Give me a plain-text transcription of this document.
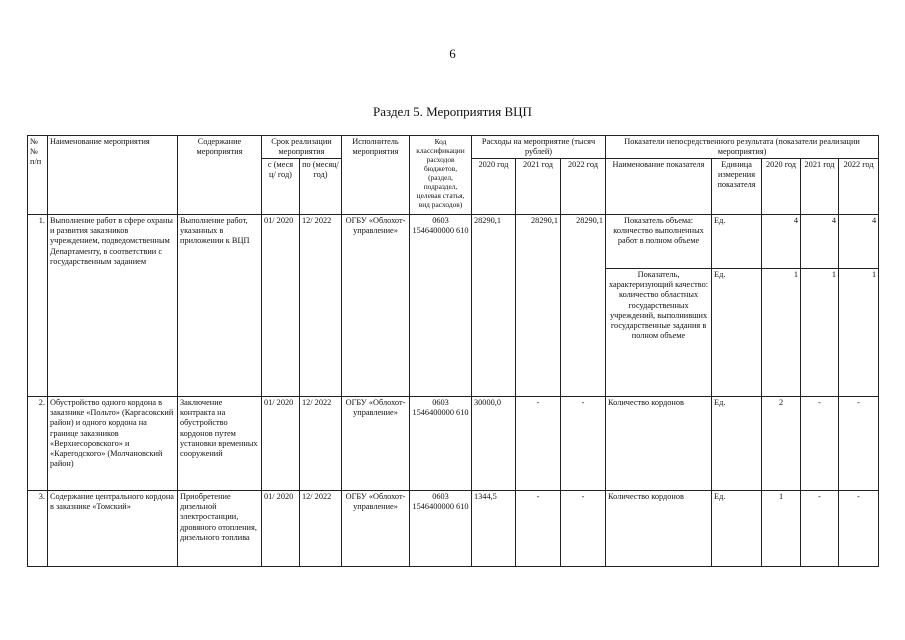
6
Раздел 5. Мероприятия ВЦП
№№ п/п	Наименование мероприятия	Содержание мероприятия	Срок реализации мероприятия		Исполнитель мероприятия	Код классификации расходов бюджетов, (раздел, подраздел, целевая статья, вид расходов)	Расходы на мероприятие (тысяч рублей)			Показатели непосредственного результата (показатели реализации мероприятия)				
			с (меся ц/ год)	по (месяц/ год)			2020 год	2021 год	2022 год	Наименование показателя	Единица измерения показателя	2020 год	2021 год	2022 год

1.	Выполнение работ в сфере охраны и развития заказников учреждением, подведомственным Департаменту, в соответствии с государственным заданием	Выполнение работ, указанных в приложении к ВЦП	01/ 2020	12/ 2022	ОГБУ «Облохот-управление»	0603 1546400000 610	28290,1	28290,1	28290,1	Показатель объема: количество выполненных работ в полном объеме	Ед.	4	4	4
										Показатель, характеризующий качество: количество областных государственных учреждений, выполнивших государственные задания в полном объеме	Ед.	1	1	1
2.	Обустройство одного кордона в заказнике «Польто» (Каргасокский район) и одного кордона на границе заказников «Верхнесоровского» и «Карегодского» (Молчановский район)	Заключение контракта на обустройство кордонов путем установки временных сооружений	01/ 2020	12/ 2022	ОГБУ «Облохот-управление»	0603 1546400000 610	30000,0	-	-	Количество кордонов	Ед.	2	-	-
3.	Содержание центрального кордона в заказнике «Томский»	Приобретение дизельной электростанции, дровяного отопления, дизельного топлива	01/ 2020	12/ 2022	ОГБУ «Облохот-управление»	0603 1546400000 610	1344,5	-	-	Количество кордонов	Ед.	1	-	-
